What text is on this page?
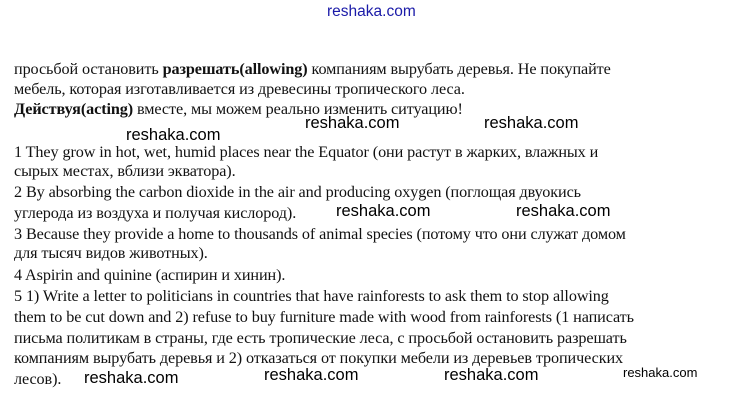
reshaka.com
просьбой остановить разрешать(allowing) компаниям вырубать деревья. Не покупайте
мебель, которая изготавливается из древесины тропического леса.
Действуя(acting) вместе, мы можем реально изменить ситуацию!
reshaka.com
reshaka.com	reshaka.com
1 They grow in hot, wet, humid places near the Equator (они растут в жарких, влажных и
сырых местах, вблизи экватора).
2 By absorbing the carbon dioxide in the air and producing oxygen (поглощая двуокись
углерода из воздуха и получая кислород). reshaka.com	reshaka.com
3 Because they provide a home to thousands of animal species (потому что они служат домом
для тысяч видов животных).
4 Aspirin and quinine (аспирин и хинин).
5 1) Write a letter to politicians in countries that have rainforests to ask them to stop allowing
them to be cut down and 2) refuse to buy furniture made with wood from rainforests (1 написать
письма политикам в страны, где есть тропические леса, с просьбой остановить разрешать
компаниям вырубать деревья и 2) отказаться от покупки мебели из деревьев тропических
лесов). reshaka.com	reshaka.com	reshaka.com	reshaka.com
